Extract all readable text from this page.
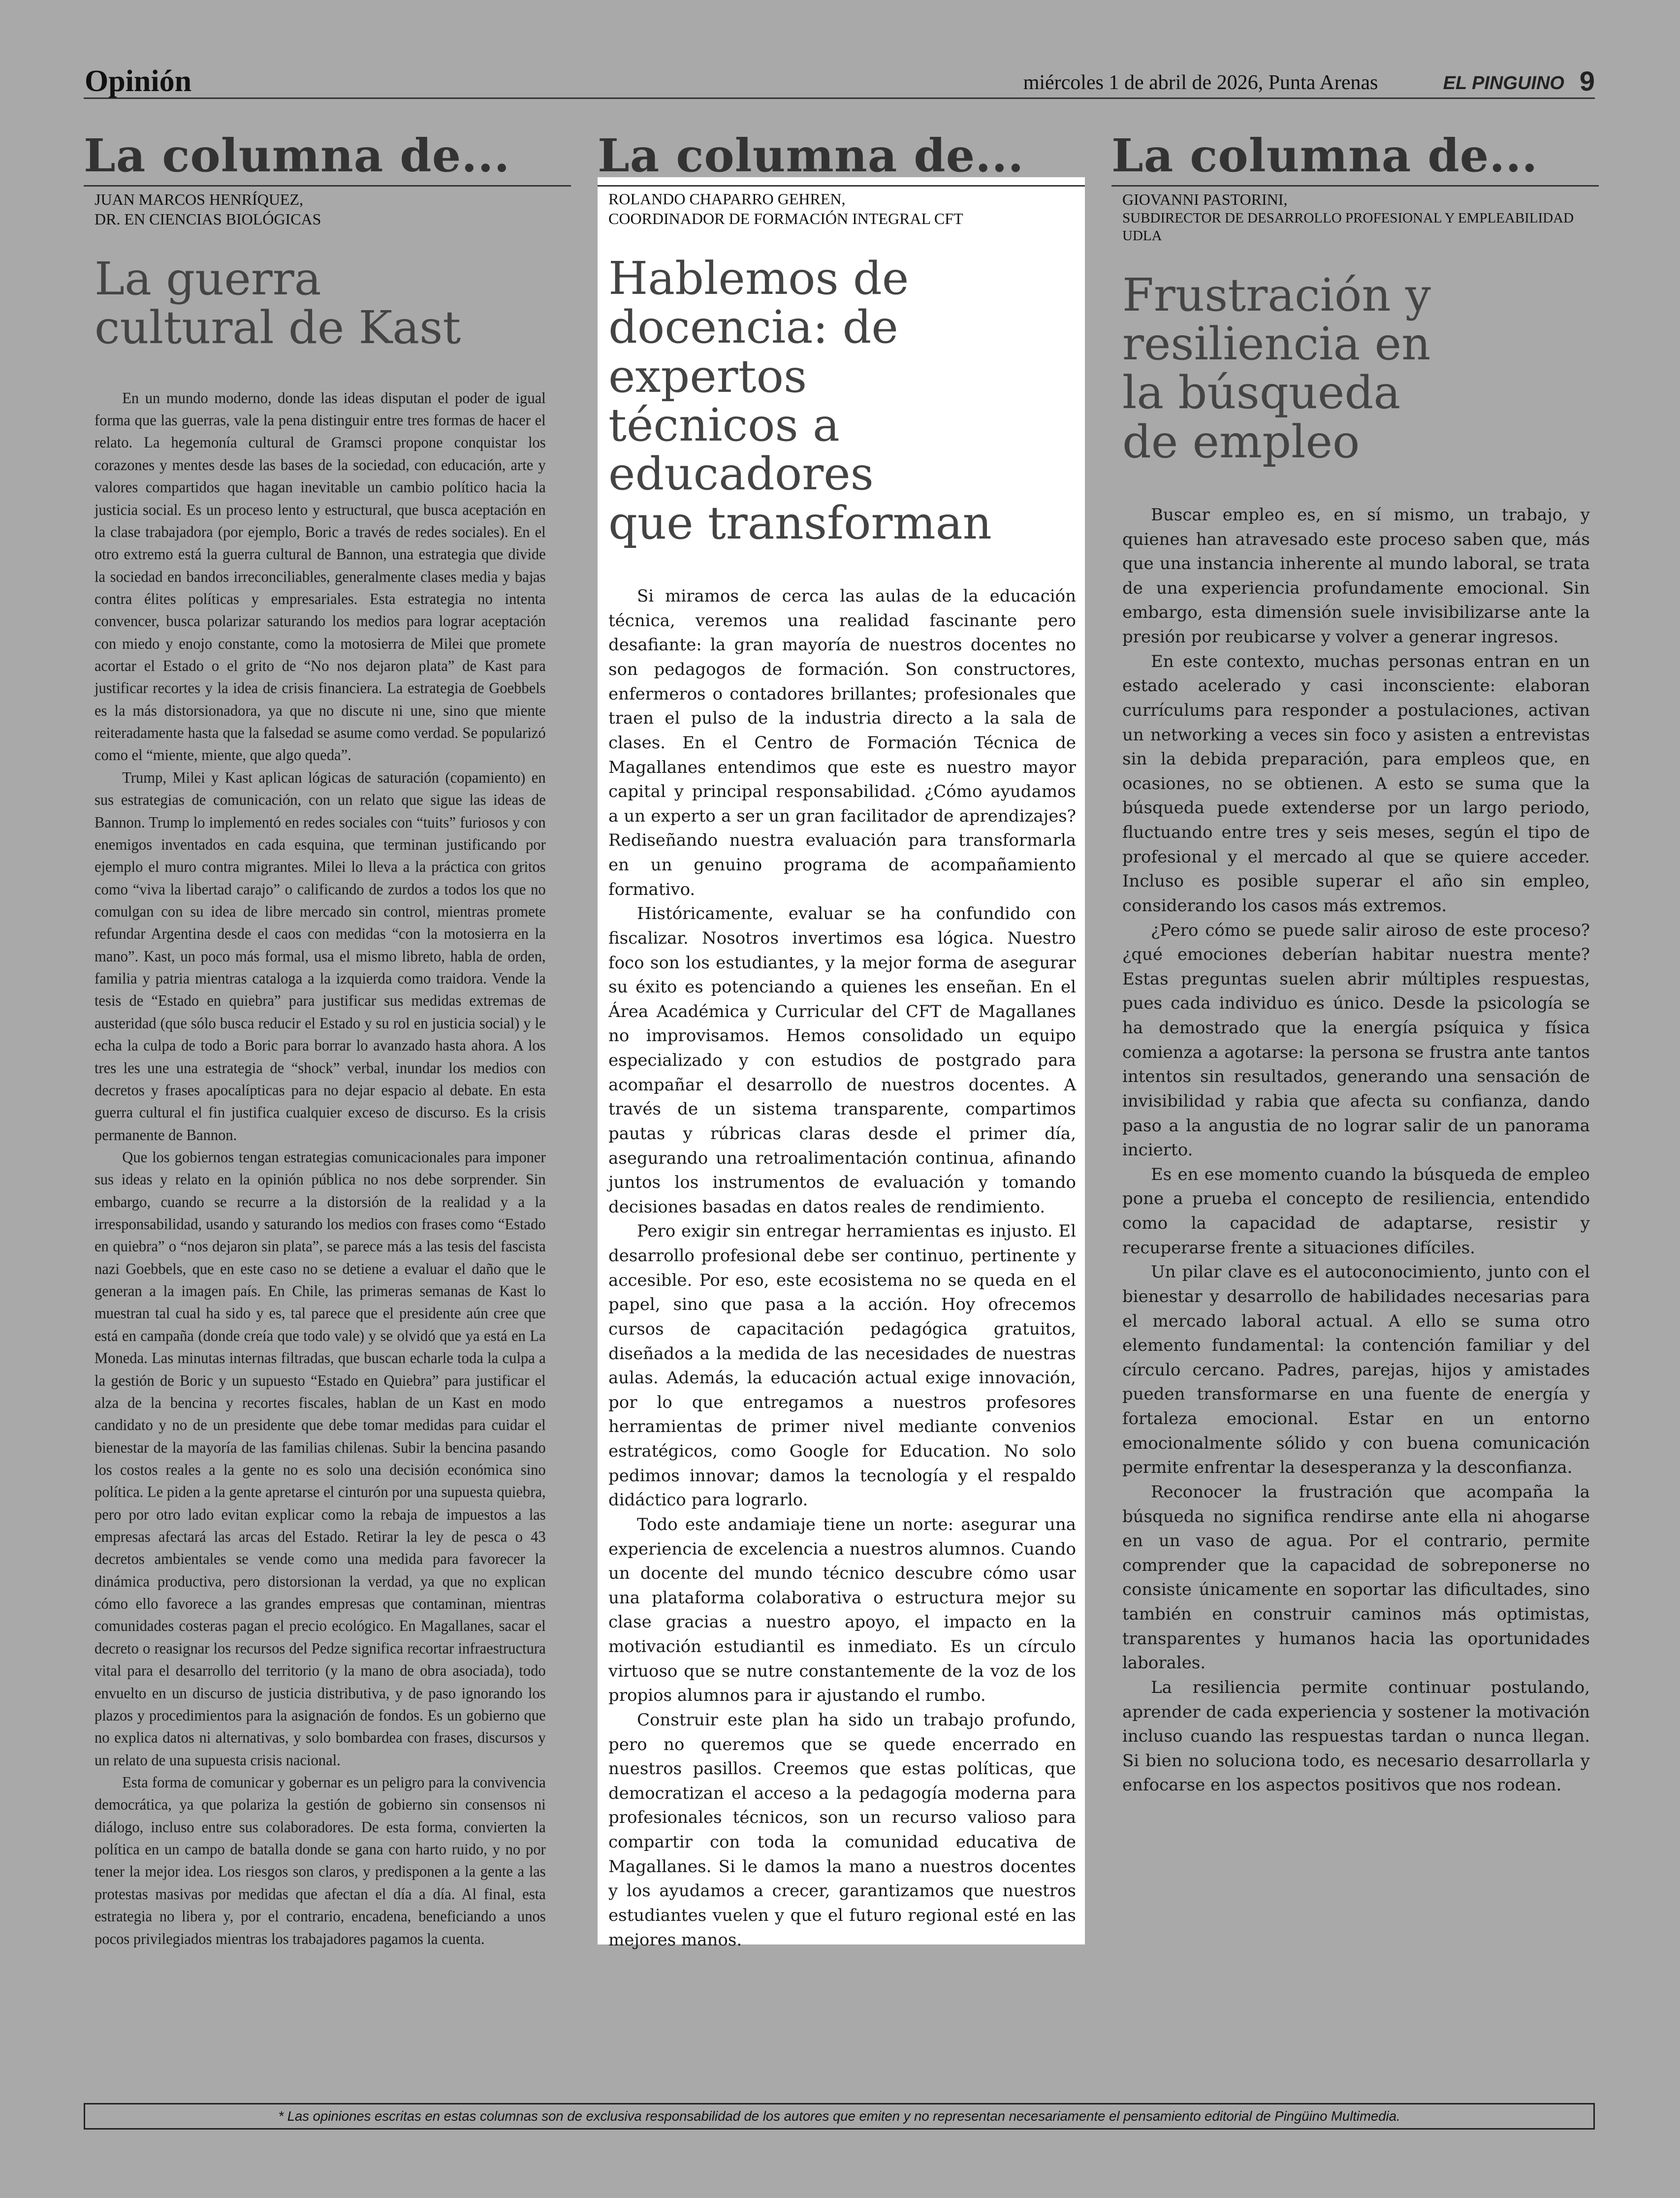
Opinión	miércoles 1 de abril de 2026, Punta Arenas	EL PINGUINO 9
La columna de...
JUAN MARCOS HENRÍQUEZ,
DR. EN CIENCIAS BIOLÓGICAS
La guerra
cultural de Kast

En un mundo moderno, donde las ideas disputan el poder de igual forma que las guerras, vale la pena distinguir entre tres formas de hacer el relato. La hegemonía cultural de Gramsci propone conquistar los corazones y mentes desde las bases de la sociedad, con educación, arte y valores compartidos que hagan inevitable un cambio político hacia la justicia social. Es un proceso lento y estructural, que busca aceptación en la clase trabajadora (por ejemplo, Boric a través de redes sociales). En el otro extremo está la guerra cultural de Bannon, una estrategia que divide la sociedad en bandos irreconciliables, generalmente clases media y bajas contra élites políticas y empresariales. Esta estrategia no intenta convencer, busca polarizar saturando los medios para lograr aceptación con miedo y enojo constante, como la motosierra de Milei que promete acortar el Estado o el grito de “No nos dejaron plata” de Kast para justificar recortes y la idea de crisis financiera. La estrategia de Goebbels es la más distorsionadora, ya que no discute ni une, sino que miente reiteradamente hasta que la falsedad se asume como verdad. Se popularizó como el “miente, miente, que algo queda”.

Trump, Milei y Kast aplican lógicas de saturación (copamiento) en sus estrategias de comunicación, con un relato que sigue las ideas de Bannon. Trump lo implementó en redes sociales con “tuits” furiosos y con enemigos inventados en cada esquina, que terminan justificando por ejemplo el muro contra migrantes. Milei lo lleva a la práctica con gritos como “viva la libertad carajo” o calificando de zurdos a todos los que no comulgan con su idea de libre mercado sin control, mientras promete refundar Argentina desde el caos con medidas “con la motosierra en la mano”. Kast, un poco más formal, usa el mismo libreto, habla de orden, familia y patria mientras cataloga a la izquierda como traidora. Vende la tesis de “Estado en quiebra” para justificar sus medidas extremas de austeridad (que sólo busca reducir el Estado y su rol en justicia social) y le echa la culpa de todo a Boric para borrar lo avanzado hasta ahora. A los tres les une una estrategia de “shock” verbal, inundar los medios con decretos y frases apocalípticas para no dejar espacio al debate. En esta guerra cultural el fin justifica cualquier exceso de discurso. Es la crisis permanente de Bannon.

Que los gobiernos tengan estrategias comunicacionales para imponer sus ideas y relato en la opinión pública no nos debe sorprender. Sin embargo, cuando se recurre a la distorsión de la realidad y a la irresponsabilidad, usando y saturando los medios con frases como “Estado en quiebra” o “nos dejaron sin plata”, se parece más a las tesis del fascista nazi Goebbels, que en este caso no se detiene a evaluar el daño que le generan a la imagen país. En Chile, las primeras semanas de Kast lo muestran tal cual ha sido y es, tal parece que el presidente aún cree que está en campaña (donde creía que todo vale) y se olvidó que ya está en La Moneda. Las minutas internas filtradas, que buscan echarle toda la culpa a la gestión de Boric y un supuesto “Estado en Quiebra” para justificar el alza de la bencina y recortes fiscales, hablan de un Kast en modo candidato y no de un presidente que debe tomar medidas para cuidar el bienestar de la mayoría de las familias chilenas. Subir la bencina pasando los costos reales a la gente no es solo una decisión económica sino política. Le piden a la gente apretarse el cinturón por una supuesta quiebra, pero por otro lado evitan explicar como la rebaja de impuestos a las empresas afectará las arcas del Estado. Retirar la ley de pesca o 43 decretos ambientales se vende como una medida para favorecer la dinámica productiva, pero distorsionan la verdad, ya que no explican cómo ello favorece a las grandes empresas que contaminan, mientras comunidades costeras pagan el precio ecológico. En Magallanes, sacar el decreto o reasignar los recursos del Pedze significa recortar infraestructura vital para el desarrollo del territorio (y la mano de obra asociada), todo envuelto en un discurso de justicia distributiva, y de paso ignorando los plazos y procedimientos para la asignación de fondos. Es un gobierno que no explica datos ni alternativas, y solo bombardea con frases, discursos y un relato de una supuesta crisis nacional.

Esta forma de comunicar y gobernar es un peligro para la convivencia democrática, ya que polariza la gestión de gobierno sin consensos ni diálogo, incluso entre sus colaboradores. De esta forma, convierten la política en un campo de batalla donde se gana con harto ruido, y no por tener la mejor idea. Los riesgos son claros, y predisponen a la gente a las protestas masivas por medidas que afectan el día a día. Al final, esta estrategia no libera y, por el contrario, encadena, beneficiando a unos pocos privilegiados mientras los trabajadores pagamos la cuenta.

La columna de...
ROLANDO CHAPARRO GEHREN,
COORDINADOR DE FORMACIÓN INTEGRAL CFT
Hablemos de
docencia: de expertos
técnicos a educadores
que transforman

Si miramos de cerca las aulas de la educación técnica, veremos una realidad fascinante pero desafiante: la gran mayoría de nuestros docentes no son pedagogos de formación. Son constructores, enfermeros o contadores brillantes; profesionales que traen el pulso de la industria directo a la sala de clases. En el Centro de Formación Técnica de Magallanes entendimos que este es nuestro mayor capital y principal responsabilidad. ¿Cómo ayudamos a un experto a ser un gran facilitador de aprendizajes? Rediseñando nuestra evaluación para transformarla en un genuino programa de acompañamiento formativo.

Históricamente, evaluar se ha confundido con fiscalizar. Nosotros invertimos esa lógica. Nuestro foco son los estudiantes, y la mejor forma de asegurar su éxito es potenciando a quienes les enseñan. En el Área Académica y Curricular del CFT de Magallanes no improvisamos. Hemos consolidado un equipo especializado y con estudios de postgrado para acompañar el desarrollo de nuestros docentes. A través de un sistema transparente, compartimos pautas y rúbricas claras desde el primer día, asegurando una retroalimentación continua, afinando juntos los instrumentos de evaluación y tomando decisiones basadas en datos reales de rendimiento.

Pero exigir sin entregar herramientas es injusto. El desarrollo profesional debe ser continuo, pertinente y accesible. Por eso, este ecosistema no se queda en el papel, sino que pasa a la acción. Hoy ofrecemos cursos de capacitación pedagógica gratuitos, diseñados a la medida de las necesidades de nuestras aulas. Además, la educación actual exige innovación, por lo que entregamos a nuestros profesores herramientas de primer nivel mediante convenios estratégicos, como Google for Education. No solo pedimos innovar; damos la tecnología y el respaldo didáctico para lograrlo.

Todo este andamiaje tiene un norte: asegurar una experiencia de excelencia a nuestros alumnos. Cuando un docente del mundo técnico descubre cómo usar una plataforma colaborativa o estructura mejor su clase gracias a nuestro apoyo, el impacto en la motivación estudiantil es inmediato. Es un círculo virtuoso que se nutre constantemente de la voz de los propios alumnos para ir ajustando el rumbo.

Construir este plan ha sido un trabajo profundo, pero no queremos que se quede encerrado en nuestros pasillos. Creemos que estas políticas, que democratizan el acceso a la pedagogía moderna para profesionales técnicos, son un recurso valioso para compartir con toda la comunidad educativa de Magallanes. Si le damos la mano a nuestros docentes y los ayudamos a crecer, garantizamos que nuestros estudiantes vuelen y que el futuro regional esté en las mejores manos.

La columna de...
GIOVANNI PASTORINI,
SUBDIRECTOR DE DESARROLLO PROFESIONAL Y EMPLEABILIDAD UDLA
Frustración y
resiliencia en
la búsqueda
de empleo

Buscar empleo es, en sí mismo, un trabajo, y quienes han atravesado este proceso saben que, más que una instancia inherente al mundo laboral, se trata de una experiencia profundamente emocional. Sin embargo, esta dimensión suele invisibilizarse ante la presión por reubicarse y volver a generar ingresos.

En este contexto, muchas personas entran en un estado acelerado y casi inconsciente: elaboran currículums para responder a postulaciones, activan un networking a veces sin foco y asisten a entrevistas sin la debida preparación, para empleos que, en ocasiones, no se obtienen. A esto se suma que la búsqueda puede extenderse por un largo periodo, fluctuando entre tres y seis meses, según el tipo de profesional y el mercado al que se quiere acceder. Incluso es posible superar el año sin empleo, considerando los casos más extremos.

¿Pero cómo se puede salir airoso de este proceso? ¿qué emociones deberían habitar nuestra mente? Estas preguntas suelen abrir múltiples respuestas, pues cada individuo es único. Desde la psicología se ha demostrado que la energía psíquica y física comienza a agotarse: la persona se frustra ante tantos intentos sin resultados, generando una sensación de invisibilidad y rabia que afecta su confianza, dando paso a la angustia de no lograr salir de un panorama incierto.

Es en ese momento cuando la búsqueda de empleo pone a prueba el concepto de resiliencia, entendido como la capacidad de adaptarse, resistir y recuperarse frente a situaciones difíciles.

Un pilar clave es el autoconocimiento, junto con el bienestar y desarrollo de habilidades necesarias para el mercado laboral actual. A ello se suma otro elemento fundamental: la contención familiar y del círculo cercano. Padres, parejas, hijos y amistades pueden transformarse en una fuente de energía y fortaleza emocional. Estar en un entorno emocionalmente sólido y con buena comunicación permite enfrentar la desesperanza y la desconfianza.

Reconocer la frustración que acompaña la búsqueda no significa rendirse ante ella ni ahogarse en un vaso de agua. Por el contrario, permite comprender que la capacidad de sobreponerse no consiste únicamente en soportar las dificultades, sino también en construir caminos más optimistas, transparentes y humanos hacia las oportunidades laborales.

La resiliencia permite continuar postulando, aprender de cada experiencia y sostener la motivación incluso cuando las respuestas tardan o nunca llegan. Si bien no soluciona todo, es necesario desarrollarla y enfocarse en los aspectos positivos que nos rodean.

* Las opiniones escritas en estas columnas son de exclusiva responsabilidad de los autores que emiten y no representan necesariamente el pensamiento editorial de Pingüino Multimedia.
